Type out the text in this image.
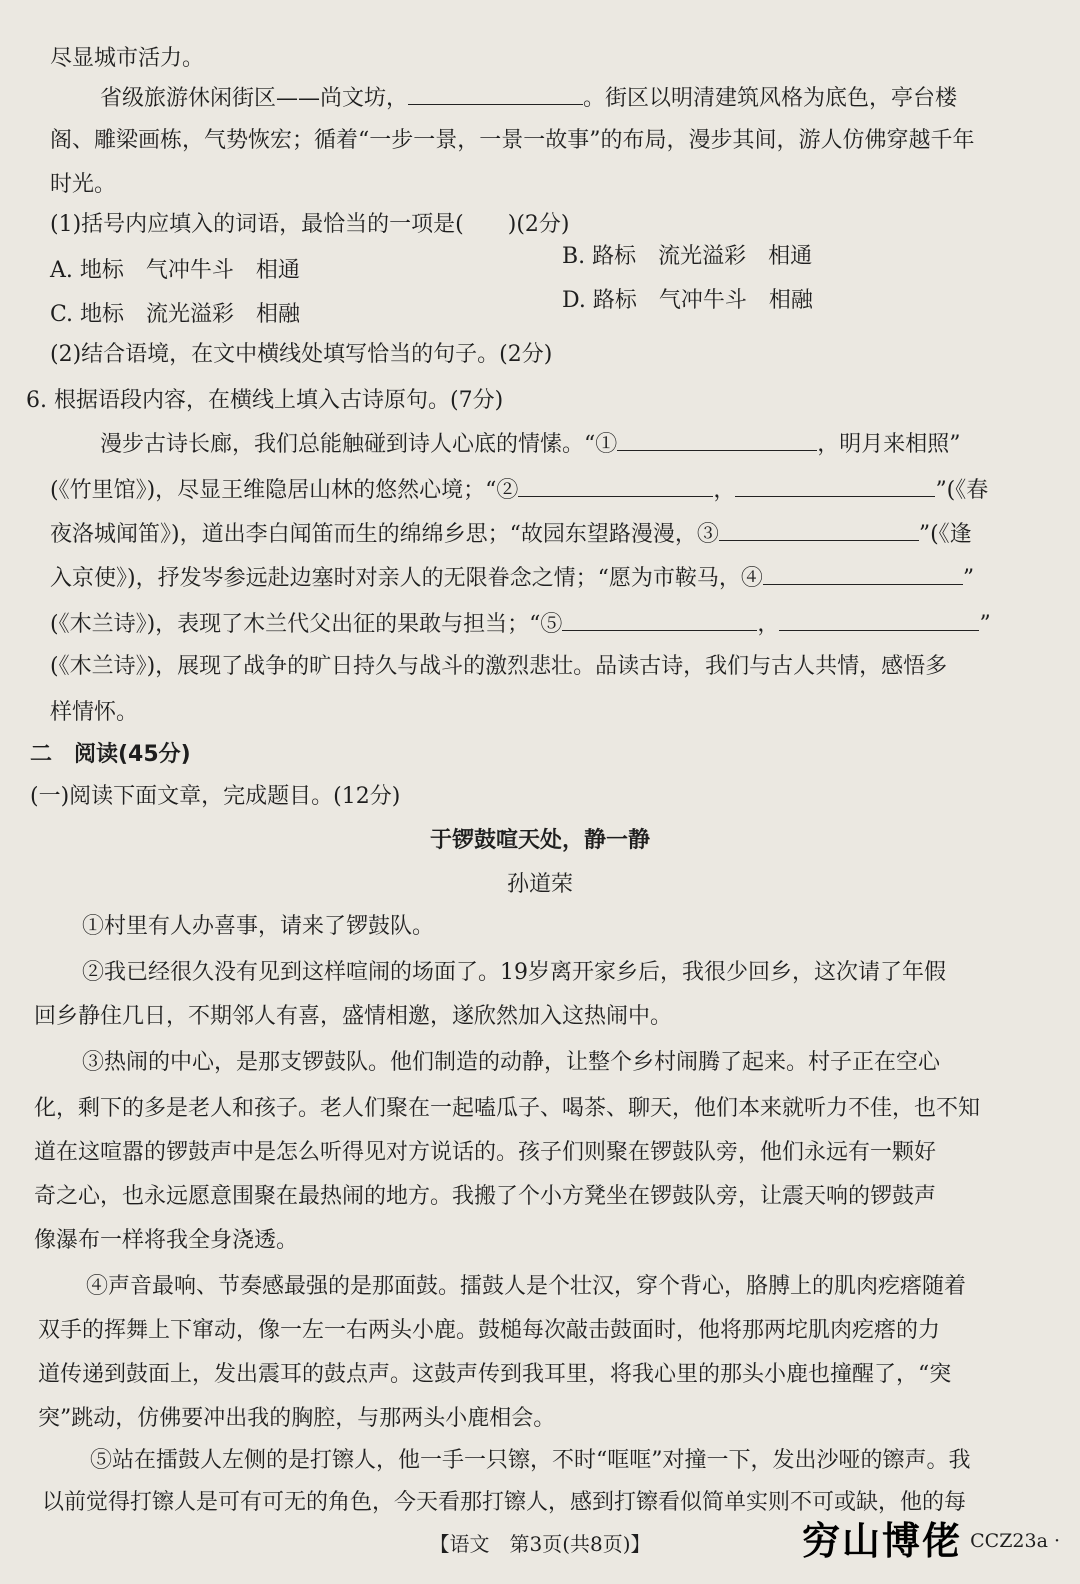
尽显城市活力。
省级旅游休闲街区——尚文坊，	。街区以明清建筑风格为底色，亭台楼
阁、雕梁画栋，气势恢宏；循着“一步一景，一景一故事”的布局，漫步其间，游人仿佛穿越千年
时光。
(1)括号内应填入的词语，最恰当的一项是(　　)(2分)
A. 地标　气冲牛斗　相通
B. 路标　流光溢彩　相通
C. 地标　流光溢彩　相融
D. 路标　气冲牛斗　相融
(2)结合语境，在文中横线处填写恰当的句子。(2分)
6. 根据语段内容，在横线上填入古诗原句。(7分)
漫步古诗长廊，我们总能触碰到诗人心底的情愫。“①	，明月来相照”
(《竹里馆》)，尽显王维隐居山林的悠然心境；“②	，	”(《春
夜洛城闻笛》)，道出李白闻笛而生的绵绵乡思；“故园东望路漫漫，③	”(《逢
入京使》)，抒发岑参远赴边塞时对亲人的无限眷念之情；“愿为市鞍马，④	”
(《木兰诗》)，表现了木兰代父出征的果敢与担当；“⑤	，	”
(《木兰诗》)，展现了战争的旷日持久与战斗的激烈悲壮。品读古诗，我们与古人共情，感悟多
样情怀。
二　阅读(45分)
(一)阅读下面文章，完成题目。(12分)
于锣鼓喧天处，静一静
孙道荣
①村里有人办喜事，请来了锣鼓队。
②我已经很久没有见到这样喧闹的场面了。19岁离开家乡后，我很少回乡，这次请了年假
回乡静住几日，不期邻人有喜，盛情相邀，遂欣然加入这热闹中。
③热闹的中心，是那支锣鼓队。他们制造的动静，让整个乡村闹腾了起来。村子正在空心
化，剩下的多是老人和孩子。老人们聚在一起嗑瓜子、喝茶、聊天，他们本来就听力不佳，也不知
道在这喧嚣的锣鼓声中是怎么听得见对方说话的。孩子们则聚在锣鼓队旁，他们永远有一颗好
奇之心，也永远愿意围聚在最热闹的地方。我搬了个小方凳坐在锣鼓队旁，让震天响的锣鼓声
像瀑布一样将我全身浇透。
④声音最响、节奏感最强的是那面鼓。擂鼓人是个壮汉，穿个背心，胳膊上的肌肉疙瘩随着
双手的挥舞上下窜动，像一左一右两头小鹿。鼓槌每次敲击鼓面时，他将那两坨肌肉疙瘩的力
道传递到鼓面上，发出震耳的鼓点声。这鼓声传到我耳里，将我心里的那头小鹿也撞醒了，“突
突”跳动，仿佛要冲出我的胸腔，与那两头小鹿相会。
⑤站在擂鼓人左侧的是打镲人，他一手一只镲，不时“哐哐”对撞一下，发出沙哑的镲声。我
以前觉得打镲人是可有可无的角色，今天看那打镲人，感到打镲看似简单实则不可或缺，他的每
【语文　第3页(共8页)】	穷山博佬 CCZ23a ·
